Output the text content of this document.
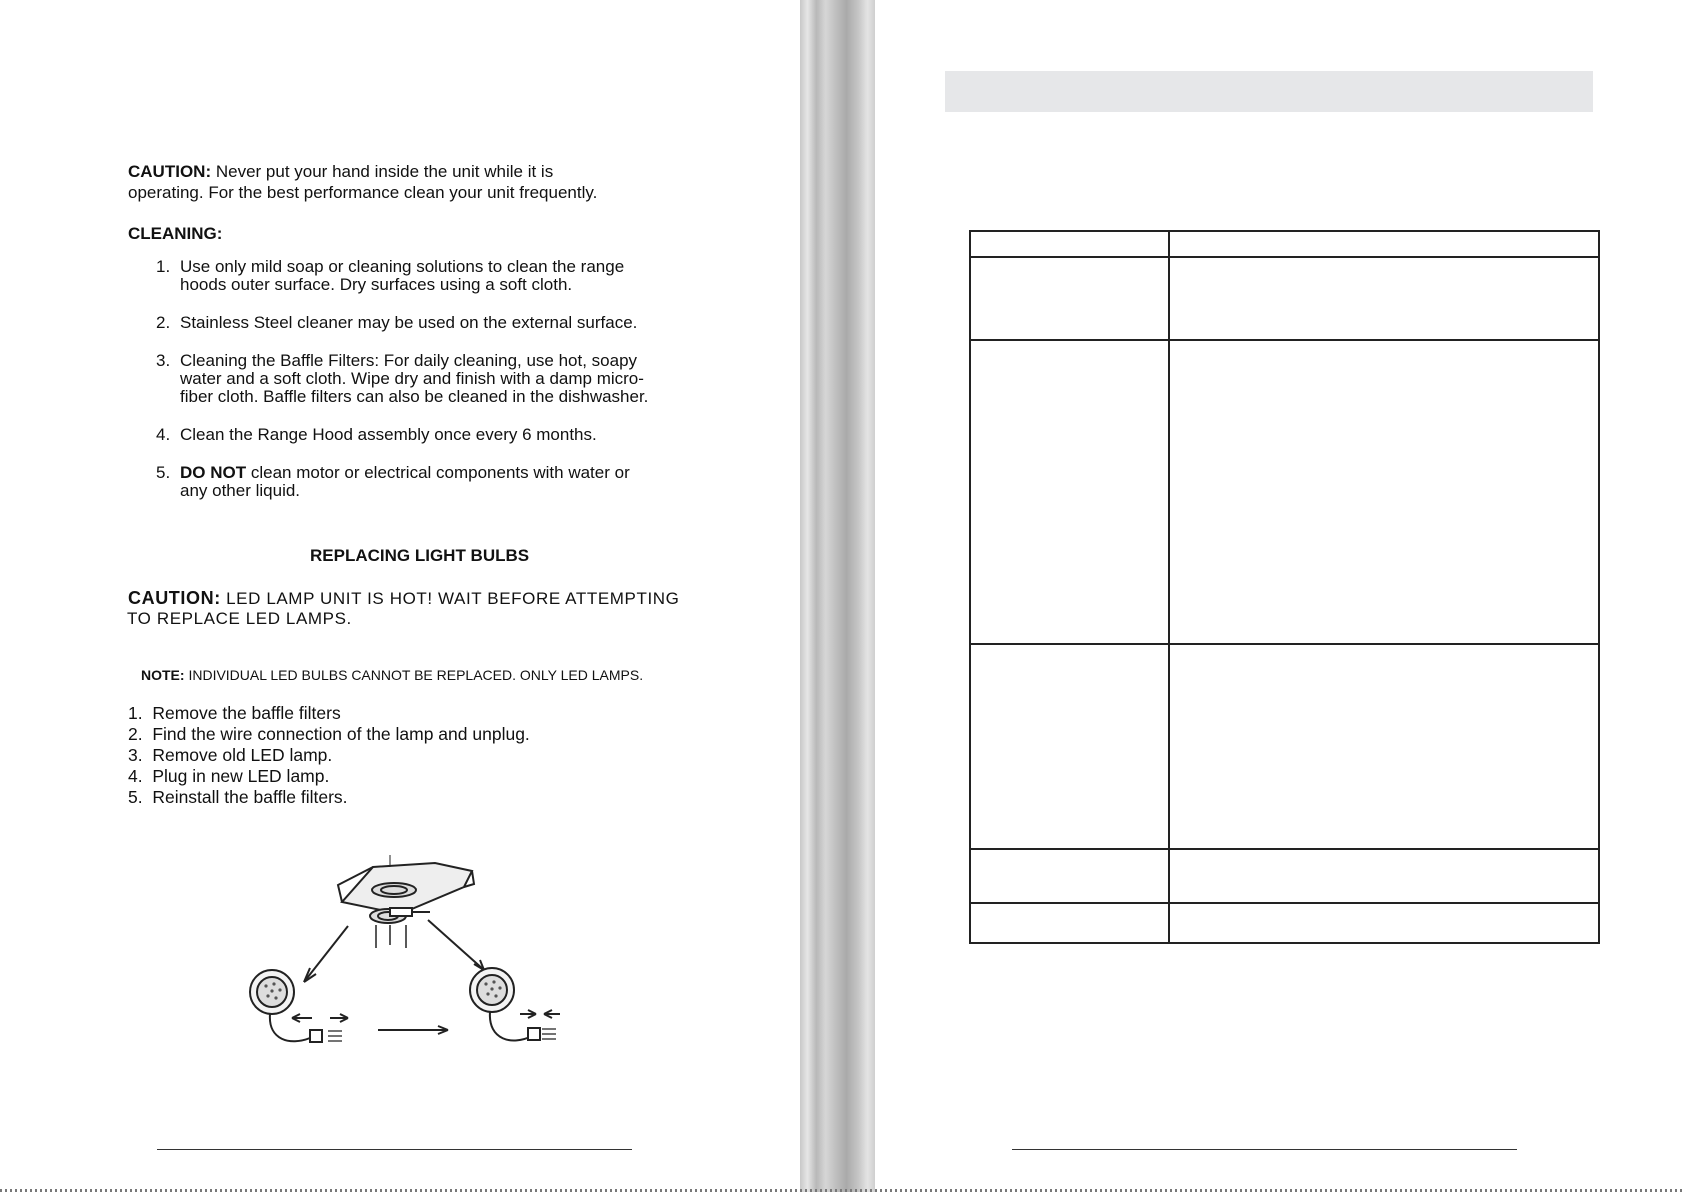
CAUTION: Never put your hand inside the unit while it is
operating. For the best performance clean your unit frequently.
CLEANING:
1. Use only mild soap or cleaning solutions to clean the range
hoods outer surface. Dry surfaces using a soft cloth.
2. Stainless Steel cleaner may be used on the external surface.
3. Cleaning the Baffle Filters: For daily cleaning, use hot, soapy
water and a soft cloth. Wipe dry and finish with a damp micro-
fiber cloth. Baffle filters can also be cleaned in the dishwasher.
4. Clean the Range Hood assembly once every 6 months.
5. DO NOT clean motor or electrical components with water or
any other liquid.
REPLACING LIGHT BULBS
CAUTION: LED LAMP UNIT IS HOT! WAIT BEFORE ATTEMPTING
TO REPLACE LED LAMPS.
NOTE: INDIVIDUAL LED BULBS CANNOT BE REPLACED. ONLY LED LAMPS.
1.  Remove the baffle filters
2.  Find the wire connection of the lamp and unplug.
3.  Remove old LED lamp.
4.  Plug in new LED lamp.
5.  Reinstall the baffle filters.
